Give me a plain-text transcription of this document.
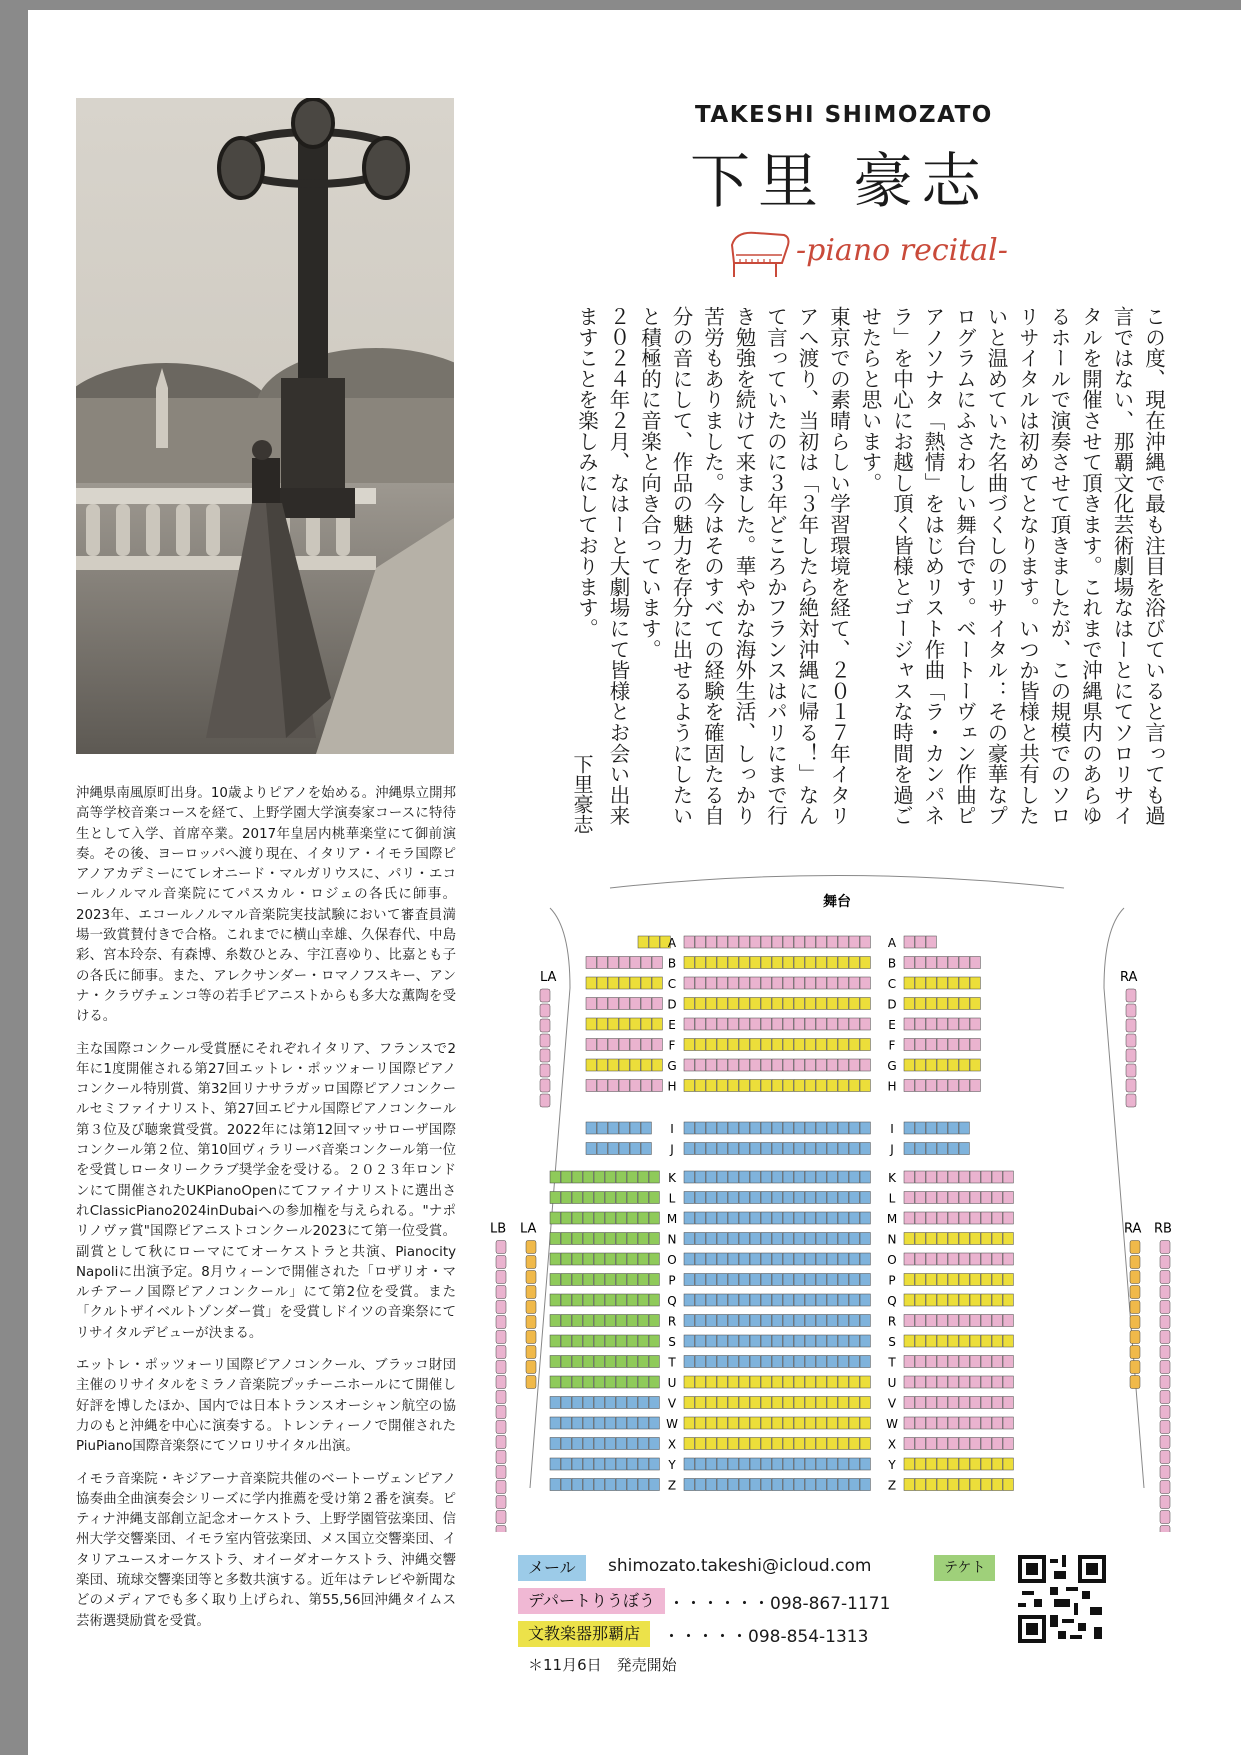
TAKESHI SHIMOZATO
下里 豪志
-piano recital-

この度、現在沖縄で最も注目を浴びていると言っても過言ではない、那覇文化芸術劇場なはーとにてソロリサイタルを開催させて頂きます。これまで沖縄県内のあらゆるホールで演奏させて頂きましたが、この規模でのソロリサイタルは初めてとなります。いつか皆様と共有したいと温めていた名曲づくしのリサイタル：その豪華なプログラムにふさわしい舞台です。ベートーヴェン作曲ピアノソナタ「熱情」をはじめリスト作曲「ラ・カンパネラ」を中心にお越し頂く皆様とゴージャスな時間を過ごせたらと思います。

東京での素晴らしい学習環境を経て、２０１７年イタリアへ渡り、当初は「３年したら絶対沖縄に帰る！」なんて言っていたのに３年どころかフランスはパリにまで行き勉強を続けて来ました。華やかな海外生活、しっかり苦労もありました。今はそのすべての経験を確固たる自分の音にして、作品の魅力を存分に出せるようにしたいと積極的に音楽と向き合っています。

２０２４年２月、なはーと大劇場にて皆様とお会い出来ますことを楽しみにしております。

下里豪志

沖縄県南風原町出身。10歳よりピアノを始める。沖縄県立開邦高等学校音楽コースを経て、上野学園大学演奏家コースに特待生として入学、首席卒業。2017年皇居内桃華楽堂にて御前演奏。その後、ヨーロッパへ渡り現在、イタリア・イモラ国際ピアノアカデミーにてレオニード・マルガリウスに、パリ・エコールノルマル音楽院にてパスカル・ロジェの各氏に師事。2023年、エコールノルマル音楽院実技試験において審査員満場一致賞賛付きで合格。これまでに横山幸雄、久保春代、中島彩、宮本玲奈、有森博、糸数ひとみ、宇江喜ゆり、比嘉とも子の各氏に師事。また、アレクサンダー・ロマノフスキー、アンナ・クラヴチェンコ等の若手ピアニストからも多大な薫陶を受ける。

主な国際コンクール受賞歴にそれぞれイタリア、フランスで2年に1度開催される第27回エットレ・ポッツォーリ国際ピアノコンクール特別賞、第32回リナサラガッロ国際ピアノコンクールセミファイナリスト、第27回エピナル国際ピアノコンクール第３位及び聴衆賞受賞。2022年には第12回マッサローザ国際コンクール第２位、第10回ヴィラリーバ音楽コンクール第一位を受賞しロータリークラブ奨学金を受ける。２０２３年ロンドンにて開催されたUKPianoOpenにてファイナリストに選出されClassicPiano2024inDubaiへの参加権を与えられる。"ナポリノヴァ賞"国際ピアニストコンクール2023にて第一位受賞。副賞として秋にローマにてオーケストラと共演、Pianocity　Napoliに出演予定。8月ウィーンで開催された「ロザリオ・マルチアーノ国際ピアノコンクール」にて第2位を受賞。また「クルトザイベルトゾンダー賞」を受賞しドイツの音楽祭にてリサイタルデビューが決まる。

エットレ・ポッツォーリ国際ピアノコンクール、ブラッコ財団主催のリサイタルをミラノ音楽院プッチーニホールにて開催し好評を博したほか、国内では日本トランスオーシャン航空の協力のもと沖縄を中心に演奏する。トレンティーノで開催されたPiuPiano国際音楽祭にてソロリサイタル出演。

イモラ音楽院・キジアーナ音楽院共催のベートーヴェンピアノ協奏曲全曲演奏会シリーズに学内推薦を受け第２番を演奏。ピティナ沖縄支部創立記念オーケストラ、上野学園管弦楽団、信州大学交響楽団、イモラ室内管弦楽団、メス国立交響楽団、イタリアユースオーケストラ、オイーダオーケストラ、沖縄交響楽団、琉球交響楽団等と多数共演する。近年はテレビや新聞などのメディアでも多く取り上げられ、第55,56回沖縄タイムス芸術選奨励賞を受賞。

舞台
A	A
B	B
C	C
D	D
E	E
F	F
G	G
H	H
I	I
J	J
K	K
L	L
M	M
N	N
O	O
P	P
Q	Q
R	R
S	S
T	T
U	U
V	V
W	W
X	X
Y	Y
Z	Z
LA	RA
LB LA	RA RB
メール	shimozato.takeshi@icloud.com
デパートりうぼう ・・・・・・098-867-1171
文教楽器那覇店	・・・・・098-854-1313
＊11月6日　発売開始
テケト
